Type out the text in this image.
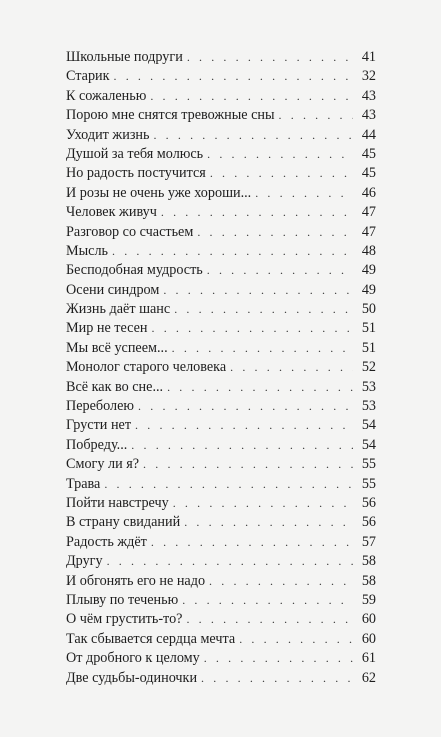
Школьные подруги . . .	41
Старик . . .	32
К сожаленью . . .	43
Порою мне снятся тревожные сны . . .	43
Уходит жизнь . . .	44
Душой за тебя молюсь . . .	45
Но радость постучится . . .	45
И розы не очень уже хороши... . . .	46
Человек живуч . . .	47
Разговор со счастьем . . .	47
Мысль . . .	48
Бесподобная мудрость . . .	49
Осени синдром . . .	49
Жизнь даёт шанс . . .	50
Мир не тесен . . .	51
Мы всё успеем... . . .	51
Монолог старого человека . . .	52
Всё как во сне... . . .	53
Переболею . . .	53
Грусти нет . . .	54
Побреду... . . .	54
Смогу ли я? . . .	55
Трава . . .	55
Пойти навстречу . . .	56
В страну свиданий . . .	56
Радость ждёт . . .	57
Другу . . .	58
И обгонять его не надо . . .	58
Плыву по теченью . . .	59
О чём грустить-то? . . .	60
Так сбывается сердца мечта . . .	60
От дробного к целому . . .	61
Две судьбы-одиночки . . .	62
